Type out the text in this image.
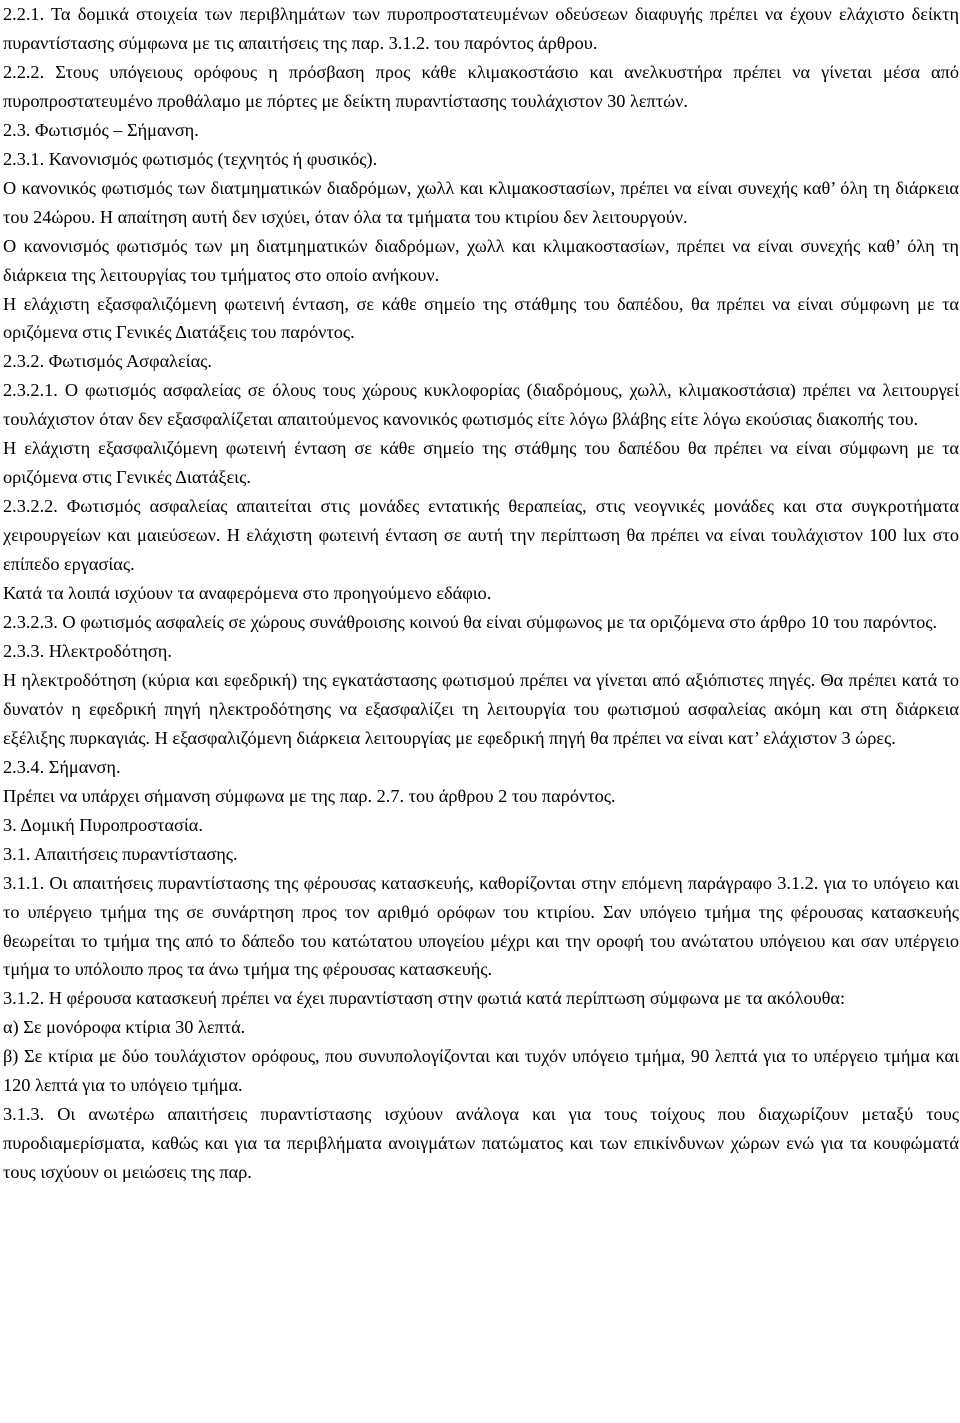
2.2.1. Τα δομικά στοιχεία των περιβλημάτων των πυροπροστατευμένων οδεύσεων διαφυγής πρέπει να έχουν ελάχιστο δείκτη πυραντίστασης σύμφωνα με τις απαιτήσεις της παρ. 3.1.2. του παρόντος άρθρου.

2.2.2. Στους υπόγειους ορόφους η πρόσβαση προς κάθε κλιμακοστάσιο και ανελκυστήρα πρέπει να γίνεται μέσα από πυροπροστατευμένο προθάλαμο με πόρτες με δείκτη πυραντίστασης τουλάχιστον 30 λεπτών.

2.3. Φωτισμός – Σήμανση.

2.3.1. Κανονισμός φωτισμός (τεχνητός ή φυσικός).

Ο κανονικός φωτισμός των διατμηματικών διαδρόμων, χωλλ και κλιμακοστασίων, πρέπει να είναι συνεχής καθ’ όλη τη διάρκεια του 24ώρου. Η απαίτηση αυτή δεν ισχύει, όταν όλα τα τμήματα του κτιρίου δεν λειτουργούν.

Ο κανονισμός φωτισμός των μη διατμηματικών διαδρόμων, χωλλ και κλιμακοστασίων, πρέπει να είναι συνεχής καθ’ όλη τη διάρκεια της λειτουργίας του τμήματος στο οποίο ανήκουν.

Η ελάχιστη εξασφαλιζόμενη φωτεινή ένταση, σε κάθε σημείο της στάθμης του δαπέδου, θα πρέπει να είναι σύμφωνη με τα οριζόμενα στις Γενικές Διατάξεις του παρόντος.

2.3.2. Φωτισμός Ασφαλείας.

2.3.2.1. Ο φωτισμός ασφαλείας σε όλους τους χώρους κυκλοφορίας (διαδρόμους, χωλλ, κλιμακοστάσια) πρέπει να λειτουργεί τουλάχιστον όταν δεν εξασφαλίζεται απαιτούμενος κανονικός φωτισμός είτε λόγω βλάβης είτε λόγω εκούσιας διακοπής του.

Η ελάχιστη εξασφαλιζόμενη φωτεινή ένταση σε κάθε σημείο της στάθμης του δαπέδου θα πρέπει να είναι σύμφωνη με τα οριζόμενα στις Γενικές Διατάξεις.

2.3.2.2. Φωτισμός ασφαλείας απαιτείται στις μονάδες εντατικής θεραπείας, στις νεογνικές μονάδες και στα συγκροτήματα χειρουργείων και μαιεύσεων. Η ελάχιστη φωτεινή ένταση σε αυτή την περίπτωση θα πρέπει να είναι τουλάχιστον 100 lux στο επίπεδο εργασίας.

Κατά τα λοιπά ισχύουν τα αναφερόμενα στο προηγούμενο εδάφιο.

2.3.2.3. Ο φωτισμός ασφαλείς σε χώρους συνάθροισης κοινού θα είναι σύμφωνος με τα οριζόμενα στο άρθρο 10 του παρόντος.

2.3.3. Ηλεκτροδότηση.

Η ηλεκτροδότηση (κύρια και εφεδρική) της εγκατάστασης φωτισμού πρέπει να γίνεται από αξιόπιστες πηγές. Θα πρέπει κατά το δυνατόν η εφεδρική πηγή ηλεκτροδότησης να εξασφαλίζει τη λειτουργία του φωτισμού ασφαλείας ακόμη και στη διάρκεια εξέλιξης πυρκαγιάς. Η εξασφαλιζόμενη διάρκεια λειτουργίας με εφεδρική πηγή θα πρέπει να είναι κατ’ ελάχιστον 3 ώρες.

2.3.4. Σήμανση.

Πρέπει να υπάρχει σήμανση σύμφωνα με της παρ. 2.7. του άρθρου 2 του παρόντος.

3. Δομική Πυροπροστασία.

3.1. Απαιτήσεις πυραντίστασης.

3.1.1. Οι απαιτήσεις πυραντίστασης της φέρουσας κατασκευής, καθορίζονται στην επόμενη παράγραφο 3.1.2. για το υπόγειο και το υπέργειο τμήμα της σε συνάρτηση προς τον αριθμό ορόφων του κτιρίου. Σαν υπόγειο τμήμα της φέρουσας κατασκευής θεωρείται το τμήμα της από το δάπεδο του κατώτατου υπογείου μέχρι και την οροφή του ανώτατου υπόγειου και σαν υπέργειο τμήμα το υπόλοιπο προς τα άνω τμήμα της φέρουσας κατασκευής.

3.1.2. Η φέρουσα κατασκευή πρέπει να έχει πυραντίσταση στην φωτιά κατά περίπτωση σύμφωνα με τα ακόλουθα:

α) Σε μονόροφα κτίρια 30 λεπτά.

β) Σε κτίρια με δύο τουλάχιστον ορόφους, που συνυπολογίζονται και τυχόν υπόγειο τμήμα, 90 λεπτά για το υπέργειο τμήμα και 120 λεπτά για το υπόγειο τμήμα.

3.1.3. Οι ανωτέρω απαιτήσεις πυραντίστασης ισχύουν ανάλογα και για τους τοίχους που διαχωρίζουν μεταξύ τους πυροδιαμερίσματα, καθώς και για τα περιβλήματα ανοιγμάτων πατώματος και των επικίνδυνων χώρων ενώ για τα κουφώματά τους ισχύουν οι μειώσεις της παρ.
